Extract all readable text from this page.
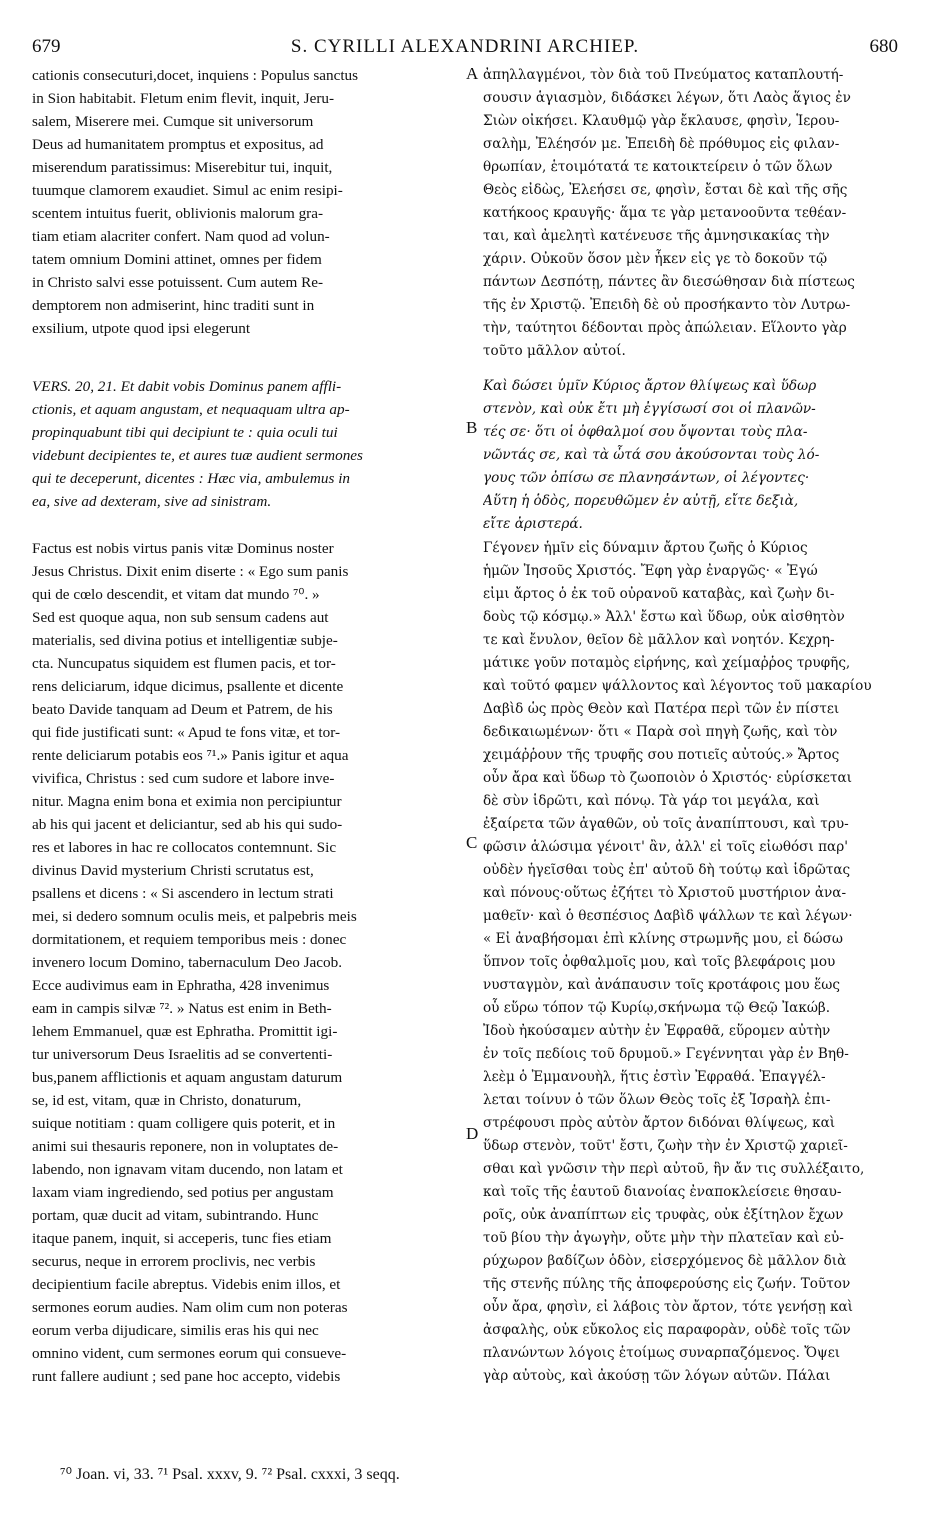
679	S. CYRILLI ALEXANDRINI ARCHIEP.	680
A
B
C
D
cationis consecuturi,docet, inquiens : Populus sanctus
in Sion habitabit. Fletum enim flevit, inquit, Jeru-
salem, Miserere mei. Cumque sit universorum
Deus ad humanitatem promptus et expositus, ad
miserendum paratissimus: Miserebitur tui, inquit,
tuumque clamorem exaudiet. Simul ac enim resipi-
scentem intuitus fuerit, oblivionis malorum gra-
tiam etiam alacriter confert. Nam quod ad volun-
tatem omnium Domini attinet, omnes per fidem
in Christo salvi esse potuissent. Cum autem Re-
demptorem non admiserint, hinc traditi sunt in
exsilium, utpote quod ipsi elegerunt
VERS. 20, 21. Et dabit vobis Dominus panem affli-
ctionis, et aquam angustam, et nequaquam ultra ap-
propinquabunt tibi qui decipiunt te : quia oculi tui
videbunt decipientes te, et aures tuæ audient sermones
qui te deceperunt, dicentes : Hæc via, ambulemus in
ea, sive ad dexteram, sive ad sinistram.
Factus est nobis virtus panis vitæ Dominus noster
Jesus Christus. Dixit enim diserte : « Ego sum panis
qui de cœlo descendit, et vitam dat mundo ⁷⁰. »
Sed est quoque aqua, non sub sensum cadens aut
materialis, sed divina potius et intelligentiæ subje-
cta. Nuncupatus siquidem est flumen pacis, et tor-
rens deliciarum, idque dicimus, psallente et dicente
beato Davide tanquam ad Deum et Patrem, de his
qui fide justificati sunt: « Apud te fons vitæ, et tor-
rente deliciarum potabis eos ⁷¹.» Panis igitur et aqua
vivifica, Christus : sed cum sudore et labore inve-
nitur. Magna enim bona et eximia non percipiuntur
ab his qui jacent et deliciantur, sed ab his qui sudo-
res et labores in hac re collocatos contemnunt. Sic
divinus David mysterium Christi scrutatus est,
psallens et dicens : « Si ascendero in lectum strati
mei, si dedero somnum oculis meis, et palpebris meis
dormitationem, et requiem temporibus meis : donec
invenero locum Domino, tabernaculum Deo Jacob.
Ecce audivimus eam in Ephratha, 428 invenimus
eam in campis silvæ ⁷². » Natus est enim in Beth-
lehem Emmanuel, quæ est Ephratha. Promittit igi-
tur universorum Deus Israelitis ad se convertenti-
bus,panem afflictionis et aquam angustam daturum
se, id est, vitam, quæ in Christo, donaturum,
suique notitiam : quam colligere quis poterit, et in
animi sui thesauris reponere, non in voluptates de-
labendo, non ignavam vitam ducendo, non latam et
laxam viam ingrediendo, sed potius per angustam
portam, quæ ducit ad vitam, subintrando. Hunc
itaque panem, inquit, si acceperis, tunc fies etiam
securus, neque in errorem proclivis, nec verbis
decipientium facile abreptus. Videbis enim illos, et
sermones eorum audies. Nam olim cum non poteras
eorum verba dijudicare, similis eras his qui nec
omnino vident, cum sermones eorum qui consueve-
runt fallere audiunt ; sed pane hoc accepto, videbis
ἀπηλλαγμένοι, τὸν διὰ τοῦ Πνεύματος καταπλουτή-
σουσιν ἁγιασμὸν, διδάσκει λέγων, ὅτι Λαὸς ἅγιος ἐν
Σιὼν οἰκήσει. Κλαυθμῷ γὰρ ἔκλαυσε, φησὶν, Ἱερου-
σαλὴμ, Ἐλέησόν με. Ἐπειδὴ δὲ πρόθυμος εἰς φιλαν-
θρωπίαν, ἑτοιμότατά τε κατοικτείρειν ὁ τῶν ὅλων
Θεὸς εἰδὼς, Ἐλεήσει σε, φησὶν, ἔσται δὲ καὶ τῆς σῆς
κατήκοος κραυγῆς· ἅμα τε γὰρ μετανοοῦντα τεθέαν-
ται, καὶ ἀμελητὶ κατένευσε τῆς ἀμνησικακίας τὴν
χάριν. Οὐκοῦν ὅσον μὲν ἧκεν εἰς γε τὸ δοκοῦν τῷ
πάντων Δεσπότῃ, πάντες ἂν διεσώθησαν διὰ πίστεως
τῆς ἐν Χριστῷ. Ἐπειδὴ δὲ οὐ προσήκαντο τὸν Λυτρω-
τὴν, ταύτητοι δέδονται πρὸς ἀπώλειαν. Εἵλοντο γὰρ
τοῦτο μᾶλλον αὐτοί.
Καὶ δώσει ὑμῖν Κύριος ἄρτον θλίψεως καὶ ὕδωρ
στενὸν, καὶ οὐκ ἔτι μὴ ἐγγίσωσί σοι οἱ πλανῶν-
τές σε· ὅτι οἱ ὀφθαλμοί σου ὄψονται τοὺς πλα-
νῶντάς σε, καὶ τὰ ὦτά σου ἀκούσονται τοὺς λό-
γους τῶν ὀπίσω σε πλανησάντων, οἱ λέγοντες·
Αὕτη ἡ ὁδὸς, πορευθῶμεν ἐν αὐτῇ, εἴτε δεξιὰ,
εἴτε ἀριστερά.
Γέγονεν ἡμῖν εἰς δύναμιν ἄρτου ζωῆς ὁ Κύριος
ἡμῶν Ἰησοῦς Χριστός. Ἔφη γὰρ ἐναργῶς· « Ἐγώ
εἰμι ἄρτος ὁ ἐκ τοῦ οὐρανοῦ καταβὰς, καὶ ζωὴν δι-
δοὺς τῷ κόσμῳ.» Ἀλλ' ἔστω καὶ ὕδωρ, οὐκ αἰσθητὸν
τε καὶ ἔνυλον, θεῖον δὲ μᾶλλον καὶ νοητόν. Κεχρη-
μάτικε γοῦν ποταμὸς εἰρήνης, καὶ χείμαῤῥος τρυφῆς,
καὶ τοῦτό φαμεν ψάλλοντος καὶ λέγοντος τοῦ μακαρίου
Δαβὶδ ὡς πρὸς Θεὸν καὶ Πατέρα περὶ τῶν ἐν πίστει
δεδικαιωμένων· ὅτι « Παρὰ σοὶ πηγὴ ζωῆς, καὶ τὸν
χειμάῤῥουν τῆς τρυφῆς σου ποτιεῖς αὐτούς.» Ἄρτος
οὖν ἄρα καὶ ὕδωρ τὸ ζωοποιὸν ὁ Χριστός· εὑρίσκεται
δὲ σὺν ἱδρῶτι, καὶ πόνῳ. Τὰ γάρ τοι μεγάλα, καὶ
ἐξαίρετα τῶν ἀγαθῶν, οὐ τοῖς ἀναπίπτουσι, καὶ τρυ-
φῶσιν ἁλώσιμα γένοιτ' ἂν, ἀλλ' εἰ τοῖς εἰωθόσι παρ'
οὐδὲν ἡγεῖσθαι τοὺς ἐπ' αὐτοῦ δὴ τούτῳ καὶ ἱδρῶτας
καὶ πόνους·οὕτως ἐζήτει τὸ Χριστοῦ μυστήριον ἀνα-
μαθεῖν· καὶ ὁ θεσπέσιος Δαβὶδ ψάλλων τε καὶ λέγων·
« Εἰ ἀναβήσομαι ἐπὶ κλίνης στρωμνῆς μου, εἰ δώσω
ὕπνον τοῖς ὀφθαλμοῖς μου, καὶ τοῖς βλεφάροις μου
νυσταγμὸν, καὶ ἀνάπαυσιν τοῖς κροτάφοις μου ἕως
οὗ εὕρω τόπον τῷ Κυρίῳ,σκήνωμα τῷ Θεῷ Ἰακώβ.
Ἰδοὺ ἠκούσαμεν αὐτὴν ἐν Ἐφραθᾶ, εὕρομεν αὐτὴν
ἐν τοῖς πεδίοις τοῦ δρυμοῦ.» Γεγέννηται γὰρ ἐν Βηθ-
λεὲμ ὁ Ἐμμανουὴλ, ἥτις ἐστὶν Ἐφραθά. Ἐπαγγέλ-
λεται τοίνυν ὁ τῶν ὅλων Θεὸς τοῖς ἐξ Ἰσραὴλ ἐπι-
στρέφουσι πρὸς αὐτὸν ἄρτον διδόναι θλίψεως, καὶ
ὕδωρ στενὸν, τοῦτ' ἔστι, ζωὴν τὴν ἐν Χριστῷ χαριεῖ-
σθαι καὶ γνῶσιν τὴν περὶ αὐτοῦ, ἣν ἄν τις συλλέξαιτο,
καὶ τοῖς τῆς ἑαυτοῦ διανοίας ἐναποκλείσειε θησαυ-
ροῖς, οὐκ ἀναπίπτων εἰς τρυφὰς, οὐκ ἐξίτηλον ἔχων
τοῦ βίου τὴν ἀγωγὴν, οὔτε μὴν τὴν πλατεῖαν καὶ εὐ-
ρύχωρον βαδίζων ὁδὸν, εἰσερχόμενος δὲ μᾶλλον διὰ
τῆς στενῆς πύλης τῆς ἀποφερούσης εἰς ζωήν. Τοῦτον
οὖν ἄρα, φησὶν, εἰ λάβοις τὸν ἄρτον, τότε γενήσῃ καὶ
ἀσφαλὴς, οὐκ εὔκολος εἰς παραφορὰν, οὐδὲ τοῖς τῶν
πλανώντων λόγοις ἑτοίμως συναρπαζόμενος. Ὄψει
γὰρ αὐτοὺς, καὶ ἀκούσῃ τῶν λόγων αὐτῶν. Πάλαι
⁷⁰ Joan. vi, 33. ⁷¹ Psal. xxxv, 9. ⁷² Psal. cxxxi, 3 seqq.
